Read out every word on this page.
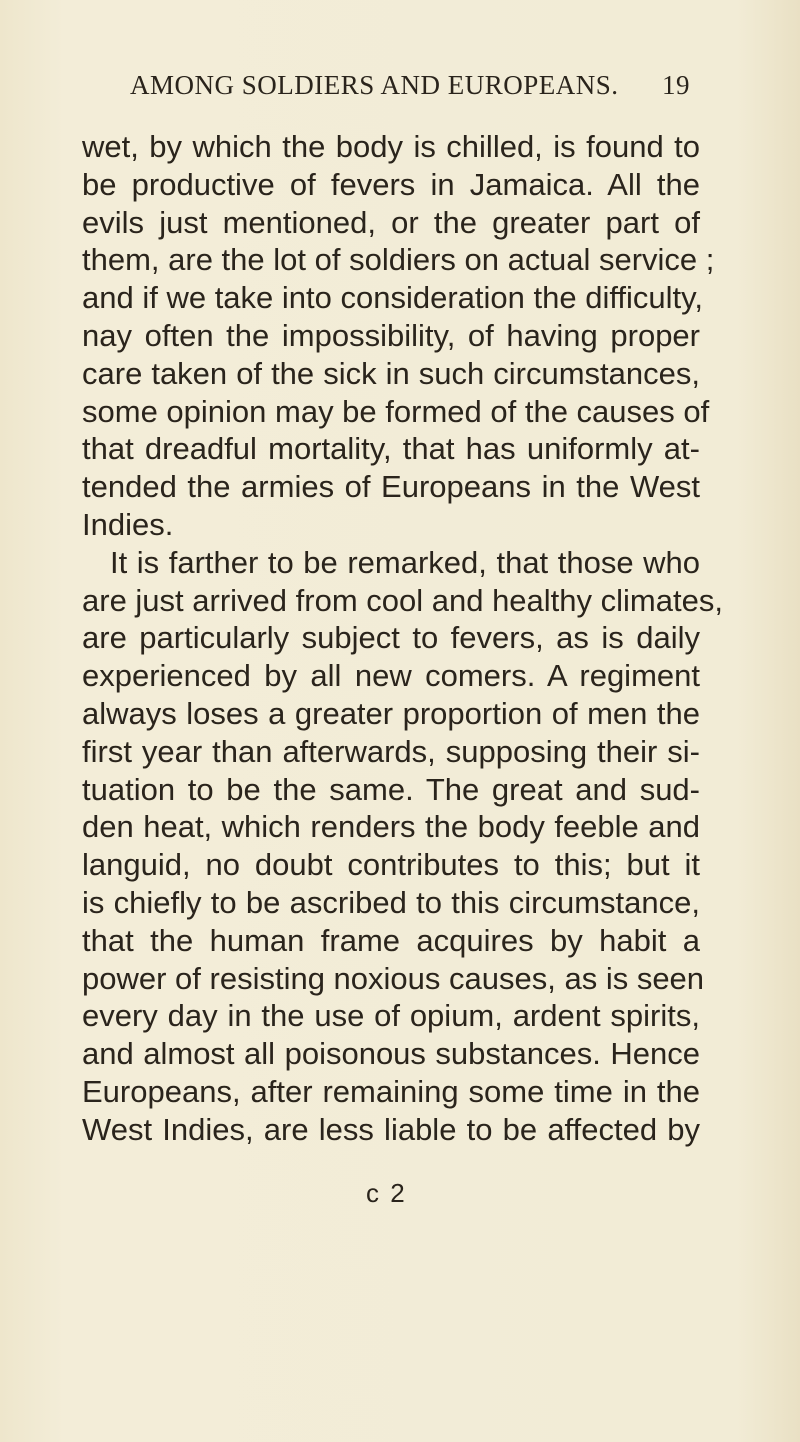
AMONG SOLDIERS AND EUROPEANS. 19
wet, by which the body is chilled, is found to
be productive of fevers in Jamaica. All the
evils just mentioned, or the greater part of
them, are the lot of soldiers on actual service ;
and if we take into consideration the difficulty,
nay often the impossibility, of having proper
care taken of the sick in such circumstances,
some opinion may be formed of the causes of
that dreadful mortality, that has uniformly at-
tended the armies of Europeans in the West
Indies.
It is farther to be remarked, that those who
are just arrived from cool and healthy climates,
are particularly subject to fevers, as is daily
experienced by all new comers. A regiment
always loses a greater proportion of men the
first year than afterwards, supposing their si-
tuation to be the same. The great and sud-
den heat, which renders the body feeble and
languid, no doubt contributes to this; but it
is chiefly to be ascribed to this circumstance,
that the human frame acquires by habit a
power of resisting noxious causes, as is seen
every day in the use of opium, ardent spirits,
and almost all poisonous substances. Hence
Europeans, after remaining some time in the
West Indies, are less liable to be affected by
c 2
